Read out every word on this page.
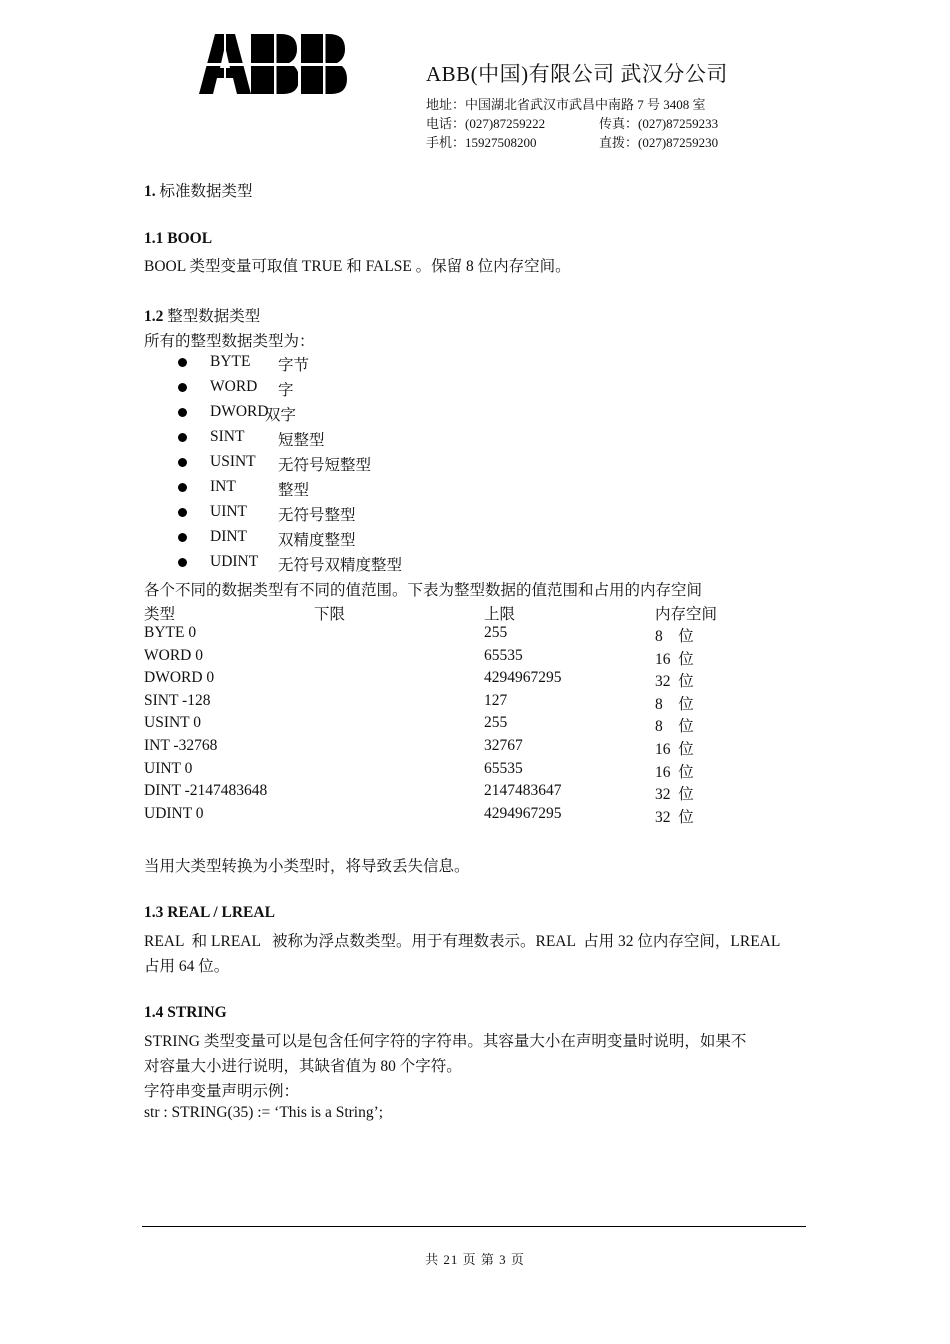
ABB(中国)有限公司 武汉分公司
地址：中国湖北省武汉市武昌中南路 7 号 3408 室
电话：(027)87259222	传真：(027)87259233
手机：15927508200	直拨：(027)87259230
1. 标准数据类型
1.1 BOOL
BOOL 类型变量可取值 TRUE 和 FALSE 。保留 8 位内存空间。
1.2 整型数据类型
所有的整型数据类型为：
BYTE 字节
WORD 字
DWORD
双字
SINT 短整型
USINT 无符号短整型
INT	整型
UINT 无符号整型
DINT 双精度整型
UDINT 无符号双精度整型
各个不同的数据类型有不同的值范围。下表为整型数据的值范围和占用的内存空间
类型	下限	上限	内存空间
BYTE 0	255	8    位
WORD 0	65535	16  位
DWORD 0	4294967295	32  位
SINT -128	127	8    位
USINT 0	255	8    位
INT -32768	32767	16  位
UINT 0	65535	16  位
DINT -2147483648	2147483647	32  位
UDINT 0	4294967295	32  位
当用大类型转换为小类型时，将导致丢失信息。
1.3 REAL / LREAL
REAL  和 LREAL   被称为浮点数类型。用于有理数表示。REAL  占用 32 位内存空间，LREAL
占用 64 位。
1.4 STRING
STRING 类型变量可以是包含任何字符的字符串。其容量大小在声明变量时说明，如果不
对容量大小进行说明，其缺省值为 80 个字符。
字符串变量声明示例：
str : STRING(35) := ‘This is a String’;
共 21 页 第 3 页
